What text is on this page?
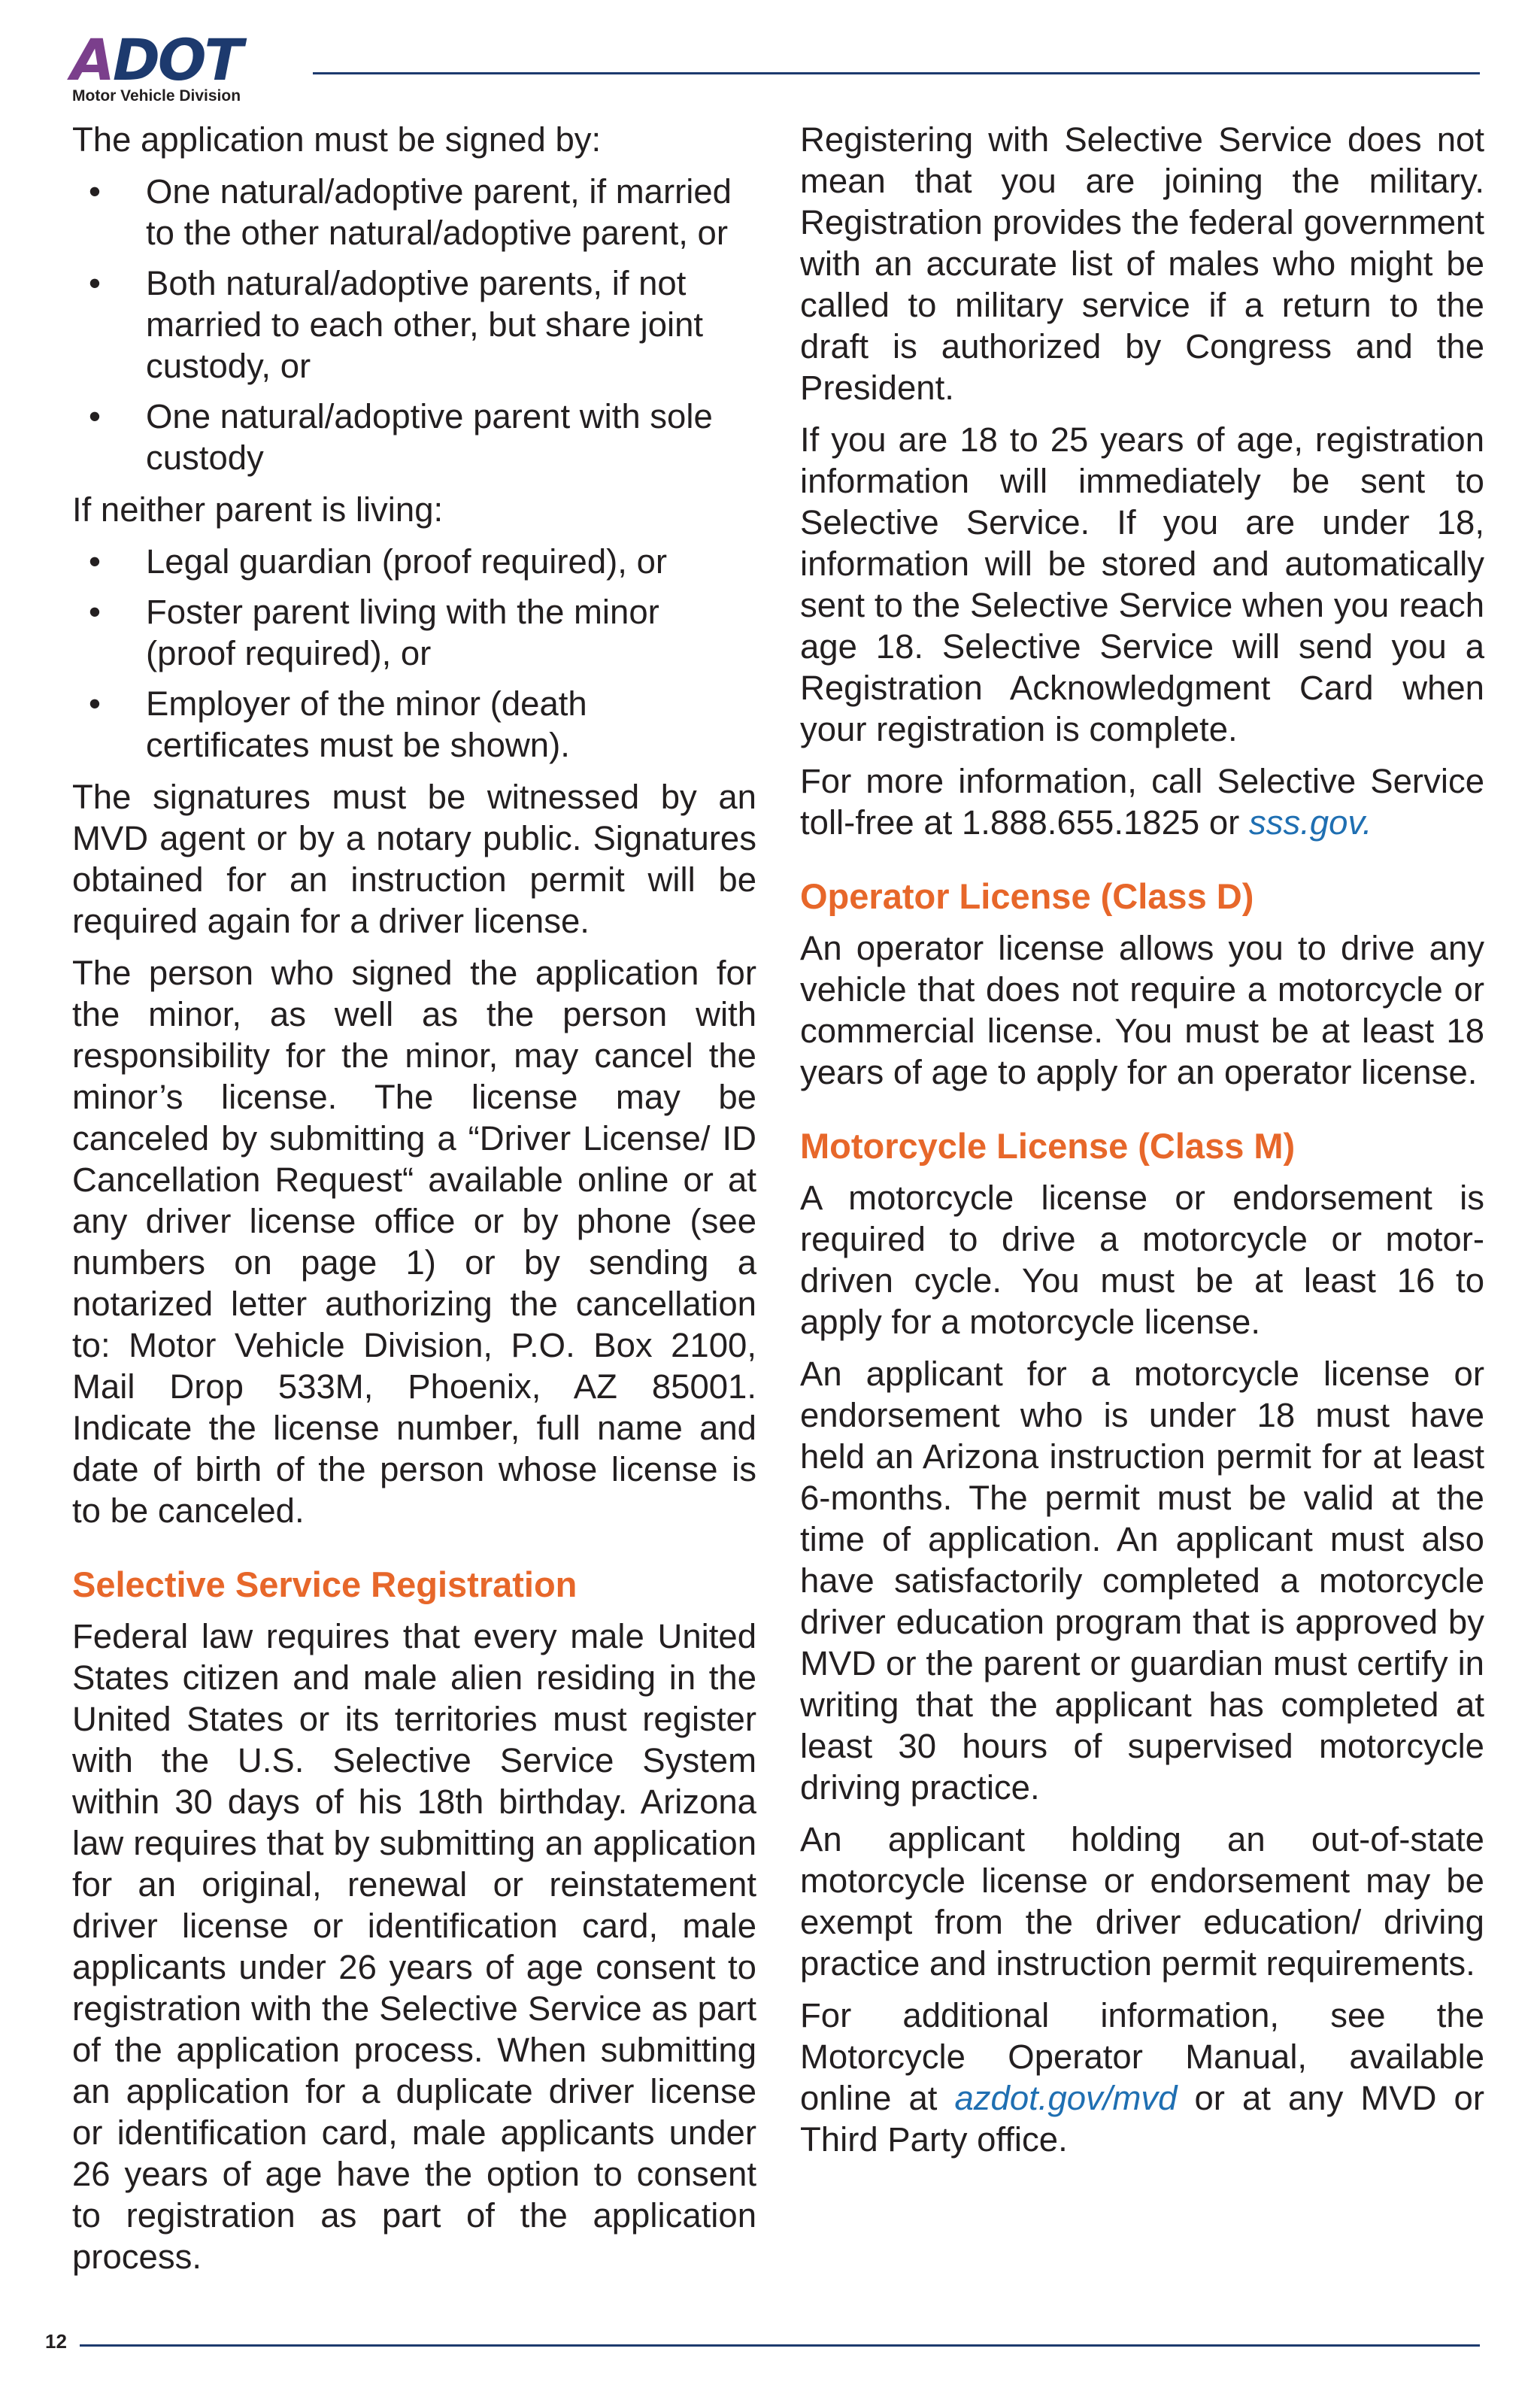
ADOT
Motor Vehicle Division

The application must be signed by:

• One natural/adoptive parent, if married to the other natural/adoptive parent, or
• Both natural/adoptive parents, if not married to each other, but share joint custody, or
• One natural/adoptive parent with sole custody

If neither parent is living:

• Legal guardian (proof required), or
• Foster parent living with the minor (proof required), or
• Employer of the minor (death certificates must be shown).

The signatures must be witnessed by an MVD agent or by a notary public. Signatures obtained for an instruction permit will be required again for a driver license.

The person who signed the application for the minor, as well as the person with responsibility for the minor, may cancel the minor’s license. The license may be canceled by submitting a “Driver License/ ID Cancellation Request“ available online or at any driver license office or by phone (see numbers on page 1) or by sending a notarized letter authorizing the cancellation to: Motor Vehicle Division, P.O. Box 2100, Mail Drop 533M, Phoenix, AZ 85001. Indicate the license number, full name and date of birth of the person whose license is to be canceled.

Selective Service Registration

Federal law requires that every male United States citizen and male alien residing in the United States or its territories must register with the U.S. Selective Service System within 30 days of his 18th birthday. Arizona law requires that by submitting an application for an original, renewal or reinstatement driver license or identification card, male applicants under 26 years of age consent to registration with the Selective Service as part of the application process. When submitting an application for a duplicate driver license or identification card, male applicants under 26 years of age have the option to consent to registration as part of the application process.

Registering with Selective Service does not mean that you are joining the military. Registration provides the federal government with an accurate list of males who might be called to military service if a return to the draft is authorized by Congress and the President.

If you are 18 to 25 years of age, registration information will immediately be sent to Selective Service. If you are under 18, information will be stored and automatically sent to the Selective Service when you reach age 18. Selective Service will send you a Registration Acknowledgment Card when your registration is complete.

For more information, call Selective Service toll-free at 1.888.655.1825 or sss.gov.

Operator License (Class D)

An operator license allows you to drive any vehicle that does not require a motorcycle or commercial license. You must be at least 18 years of age to apply for an operator license.

Motorcycle License (Class M)

A motorcycle license or endorsement is required to drive a motorcycle or motor-driven cycle. You must be at least 16 to apply for a motorcycle license.

An applicant for a motorcycle license or endorsement who is under 18 must have held an Arizona instruction permit for at least 6-months. The permit must be valid at the time of application. An applicant must also have satisfactorily completed a motorcycle driver education program that is approved by MVD or the parent or guardian must certify in writing that the applicant has completed at least 30 hours of supervised motorcycle driving practice.

An applicant holding an out-of-state motorcycle license or endorsement may be exempt from the driver education/ driving practice and instruction permit requirements.

For additional information, see the Motorcycle Operator Manual, available online at azdot.gov/mvd or at any MVD or Third Party office.

12
